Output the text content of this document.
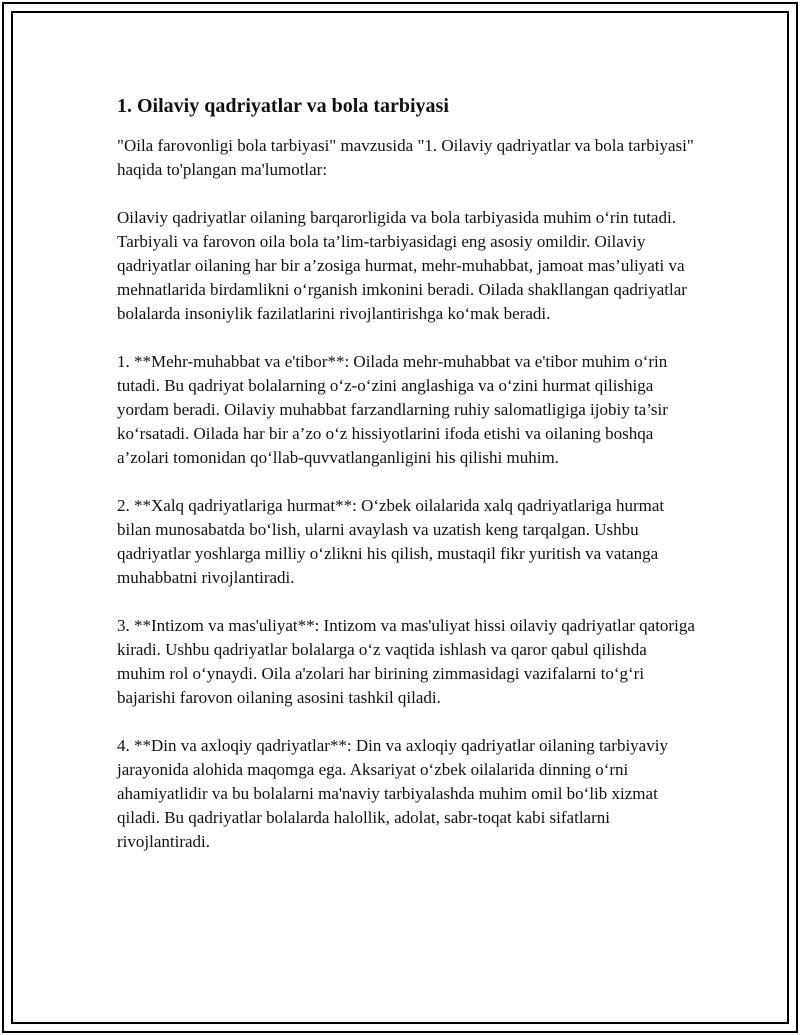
1. Oilaviy qadriyatlar va bola tarbiyasi

"Oila farovonligi bola tarbiyasi" mavzusida "1. Oilaviy qadriyatlar va bola tarbiyasi" haqida to'plangan ma'lumotlar:

Oilaviy qadriyatlar oilaning barqarorligida va bola tarbiyasida muhim o‘rin tutadi. Tarbiyali va farovon oila bola ta’lim-tarbiyasidagi eng asosiy omildir. Oilaviy qadriyatlar oilaning har bir a’zosiga hurmat, mehr-muhabbat, jamoat mas’uliyati va mehnatlarida birdamlikni o‘rganish imkonini beradi. Oilada shakllangan qadriyatlar bolalarda insoniylik fazilatlarini rivojlantirishga ko‘mak beradi.

1. **Mehr-muhabbat va e'tibor**: Oilada mehr-muhabbat va e'tibor muhim o‘rin tutadi. Bu qadriyat bolalarning o‘z-o‘zini anglashiga va o‘zini hurmat qilishiga yordam beradi. Oilaviy muhabbat farzandlarning ruhiy salomatligiga ijobiy ta’sir ko‘rsatadi. Oilada har bir a’zo o‘z hissiyotlarini ifoda etishi va oilaning boshqa a’zolari tomonidan qo‘llab-quvvatlanganligini his qilishi muhim.

2. **Xalq qadriyatlariga hurmat**: O‘zbek oilalarida xalq qadriyatlariga hurmat bilan munosabatda bo‘lish, ularni avaylash va uzatish keng tarqalgan. Ushbu qadriyatlar yoshlarga milliy o‘zlikni his qilish, mustaqil fikr yuritish va vatanga muhabbatni rivojlantiradi.

3. **Intizom va mas'uliyat**: Intizom va mas'uliyat hissi oilaviy qadriyatlar qatoriga kiradi. Ushbu qadriyatlar bolalarga o‘z vaqtida ishlash va qaror qabul qilishda muhim rol o‘ynaydi. Oila a'zolari har birining zimmasidagi vazifalarni to‘g‘ri bajarishi farovon oilaning asosini tashkil qiladi.

4. **Din va axloqiy qadriyatlar**: Din va axloqiy qadriyatlar oilaning tarbiyaviy jarayonida alohida maqomga ega. Aksariyat o‘zbek oilalarida dinning o‘rni ahamiyatlidir va bu bolalarni ma'naviy tarbiyalashda muhim omil bo‘lib xizmat qiladi. Bu qadriyatlar bolalarda halollik, adolat, sabr-toqat kabi sifatlarni rivojlantiradi.
